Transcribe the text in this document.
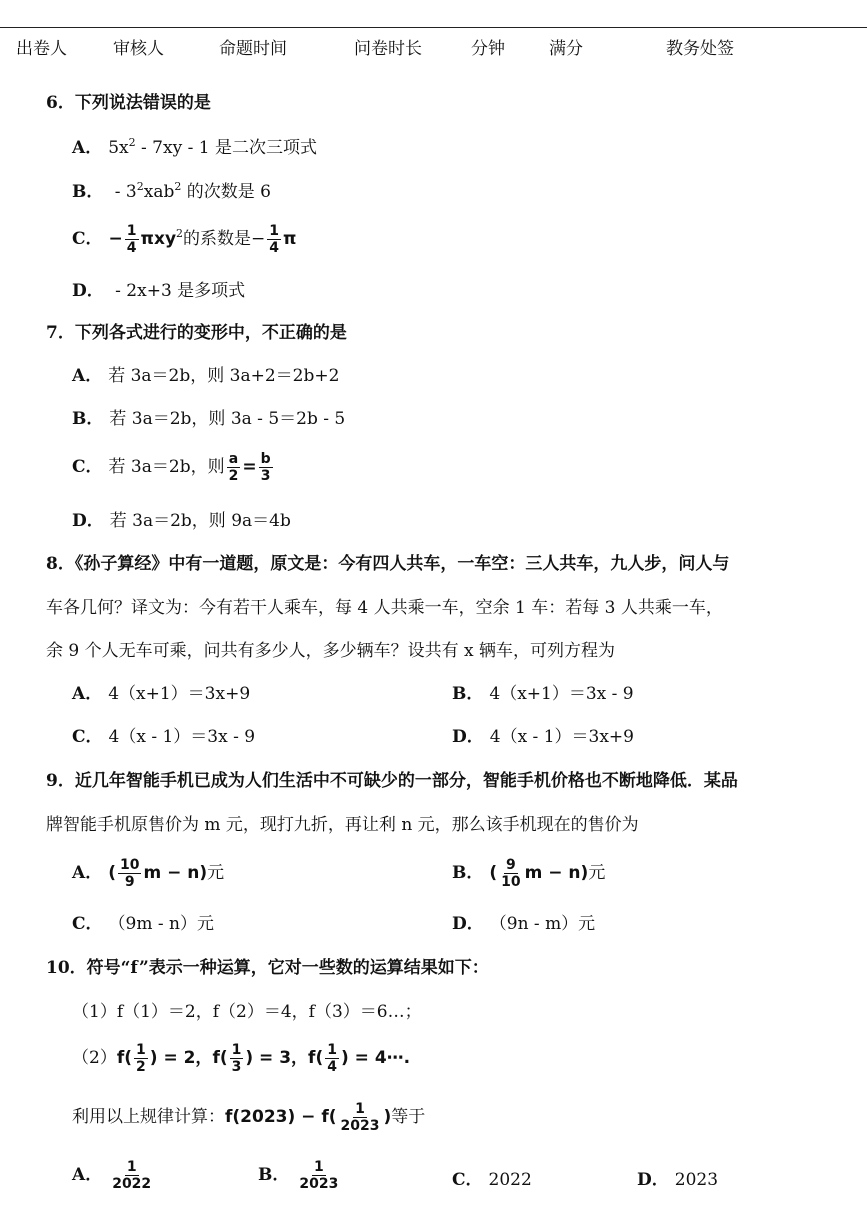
出卷人	审核人	命题时间	问卷时长	分钟	满分	教务处签
6．下列说法错误的是
A． $5x^2 - 7xy - 1$ 是二次三项式
B． - $3^2xab^2$ 的次数是 6
C． − $\frac{1}{4} \pi xy^2$的系数是− $\frac{1}{4}$ π
D． - 2x+3 是多项式
7．下列各式进行的变形中，不正确的是
A． 若 3a＝2b，则 3a+2＝2b+2
B． 若 3a＝2b，则 3a - 5＝2b - 5
C． 若 3a＝2b，则 $\frac{a}{2} = \frac{b}{3}$
D． 若 3a＝2b，则 9a＝4b
8．《孙子算经》中有一道题，原文是：今有四人共车，一车空：三人共车，九人步，问人与
车各几何？译文为：今有若干人乘车，每 4 人共乘一车，空余 1 车：若每 3 人共乘一车，
余 9 个人无车可乘，问共有多少人，多少辆车？设共有 x 辆车，可列方程为
A． 4（x+1）＝3x+9	B． 4（x+1）＝3x - 9
C． 4（x - 1）＝3x - 9	D． 4（x - 1）＝3x+9
9．近几年智能手机已成为人们生活中不可缺少的一部分，智能手机价格也不断地降低．某品
牌智能手机原售价为 m 元，现打九折，再让利 n 元，那么该手机现在的售价为
A． ( $\frac{10}{9}$ m − n)元	B． ( $\frac{9}{10}$ m − n)元
C． （9m - n）元	D． （9n - m）元
10．符号“f”表示一种运算，它对一些数的运算结果如下：
（1）f（1）＝2，f（2）＝4，f（3）＝6…；
$(2)f( \frac{1}{2}$ ) = 2，$f( \frac{1}{3}$ ) = 3，$f( \frac{1}{4}$ ) = 4⋯.
利用以上规律计算：$f(2023) - f( \frac{1}{2023}$ )等于
A． $\frac{1}{2022}$	B． $\frac{1}{2023}$	C． 2022	D． 2023
